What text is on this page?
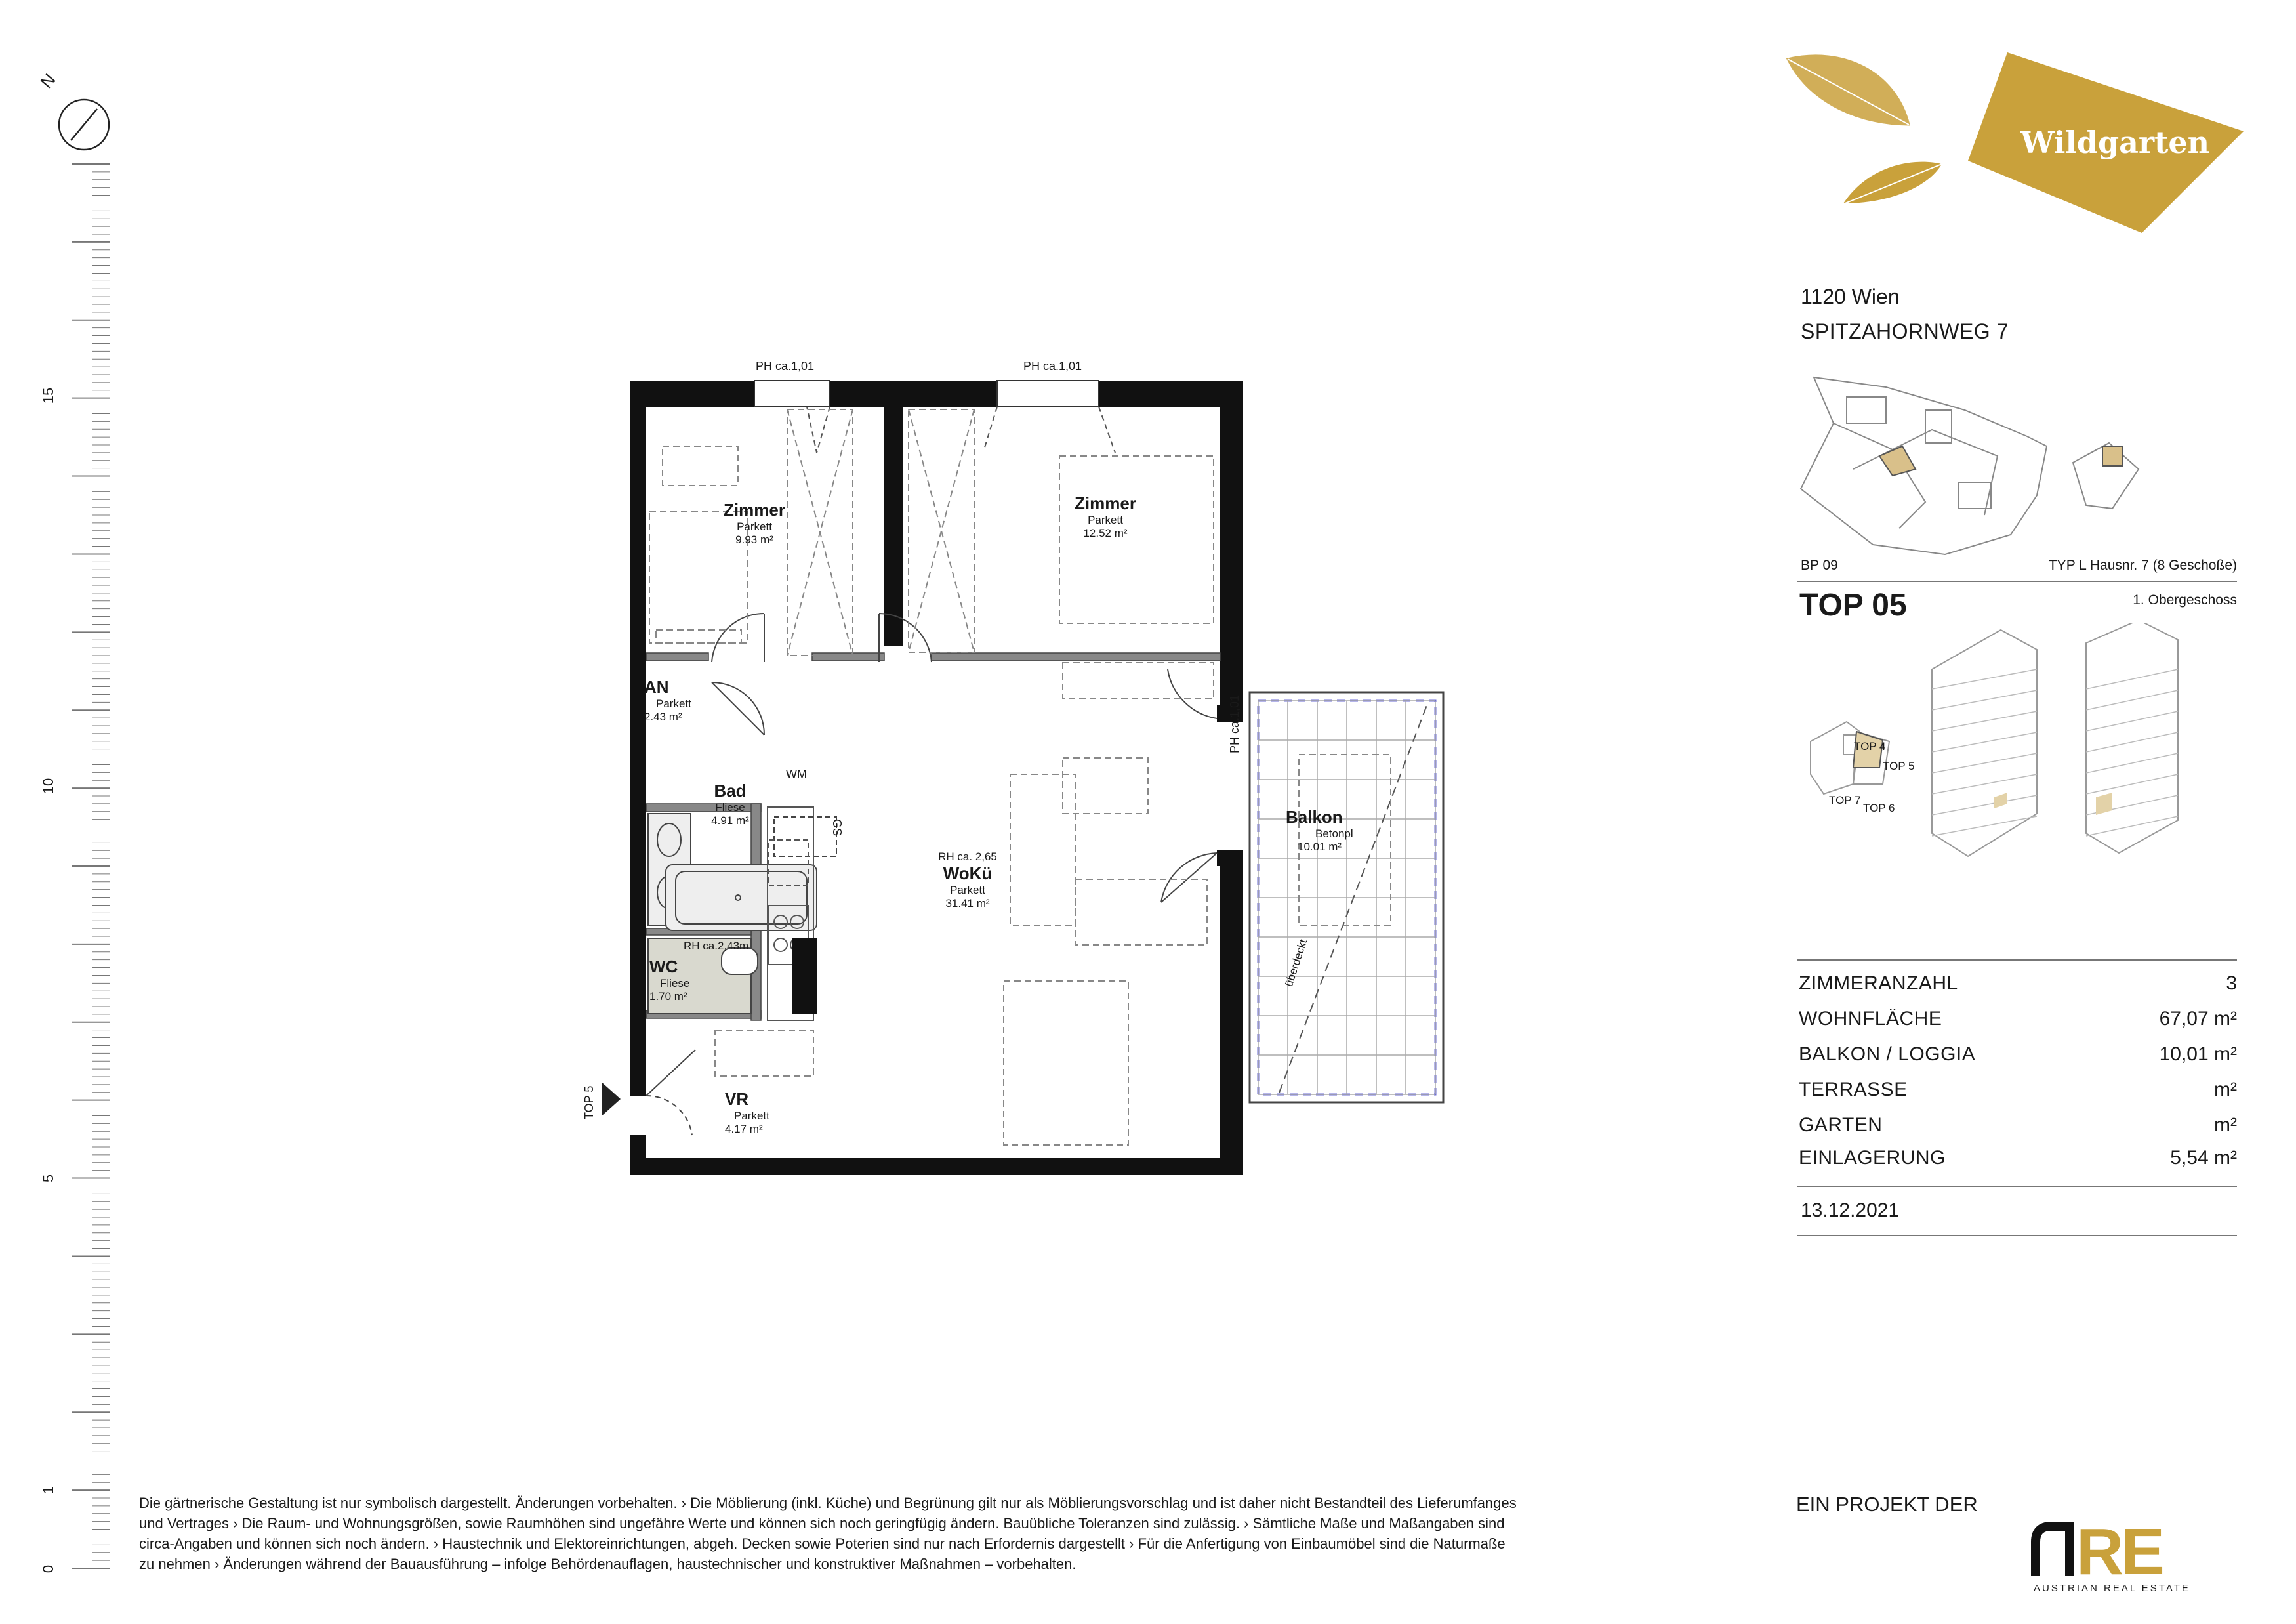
N
15
10
5
1
0
PH ca.1,01	PH ca.1,01
PH ca.1,01
TOP 5
überdeckt
Zimmer
Parkett
9.93 m²
Zimmer
Parkett
12.52 m²
AN
Parkett
2.43 m²
Bad
Fliese
4.91 m²
RH ca. 2,65
WoKü
Parkett
31.41 m²
Balkon
Betonpl
10.01 m²
RH ca.2,43m
WC
Fliese
1.70 m²
VR
Parkett
4.17 m²
WM
GS
Wildgarten
1120 Wien
SPITZAHORNWEG 7
BP 09	TYP L Hausnr. 7 (8 Geschoße)
TOP 05	1. Obergeschoss
TOP 4
TOP 5
TOP 7
TOP 6
ZIMMERANZAHL	3
WOHNFLÄCHE	67,07 m²
BALKON / LOGGIA	10,01 m²
TERRASSE	m²
GARTEN	m²
EINLAGERUNG	5,54 m²
13.12.2021
Die gärtnerische Gestaltung ist nur symbolisch dargestellt. Änderungen vorbehalten. › Die Möblierung (inkl. Küche) und Begrünung gilt nur als Möblierungsvorschlag und ist daher nicht Bestandteil des Lieferumfanges
und Vertrages › Die Raum- und Wohnungsgrößen, sowie Raumhöhen sind ungefähre Werte und können sich noch geringfügig ändern. Bauübliche Toleranzen sind zulässig. › Sämtliche Maße und Maßangaben sind
circa-Angaben und können sich noch ändern. › Haustechnik und Elektoreinrichtungen, abgeh. Decken sowie Poterien sind nur nach Erfordernis dargestellt › Für die Anfertigung von Einbaumöbel sind die Naturmaße
zu nehmen › Änderungen während der Bauausführung – infolge Behördenauflagen, haustechnischer und konstruktiver Maßnahmen – vorbehalten.
EIN PROJEKT DER
RE
AUSTRIAN REAL ESTATE
